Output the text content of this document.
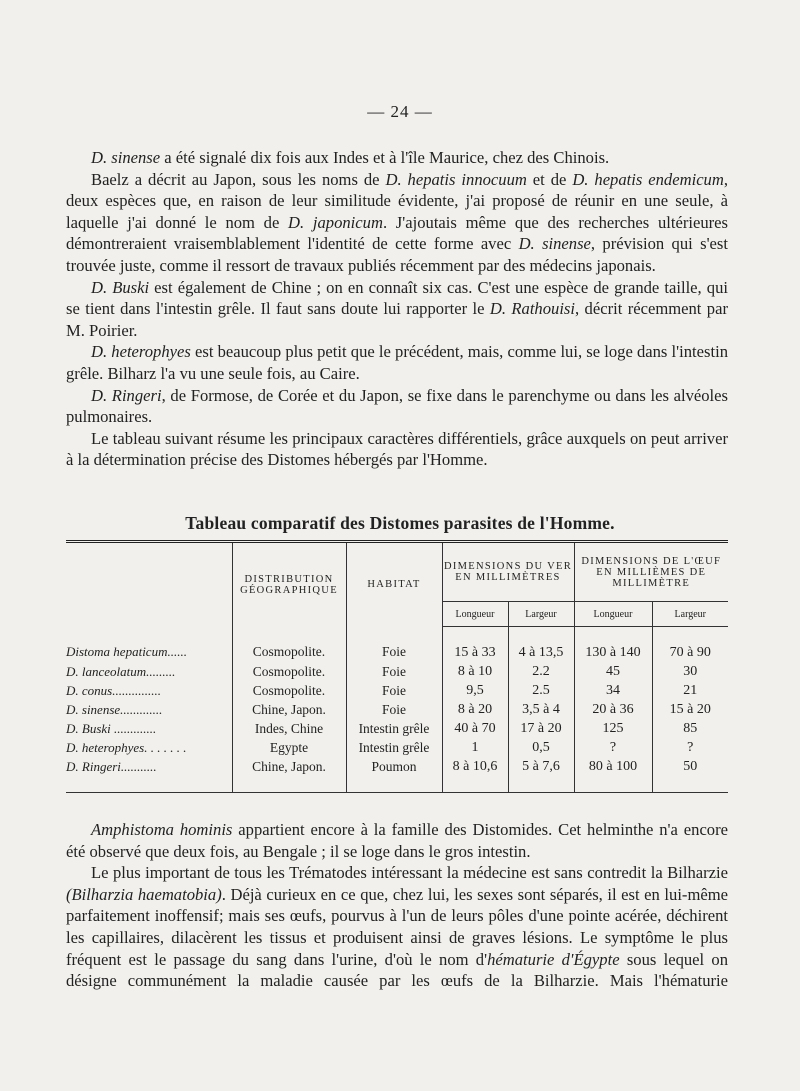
— 24 —

D. sinense a été signalé dix fois aux Indes et à l'île Maurice, chez des Chinois.

Baelz a décrit au Japon, sous les noms de D. hepatis innocuum et de D. hepatis endemicum, deux espèces que, en raison de leur similitude évidente, j'ai proposé de réunir en une seule, à laquelle j'ai donné le nom de D. japonicum. J'ajoutais même que des recherches ultérieures démontreraient vraisemblablement l'identité de cette forme avec D. sinense, prévision qui s'est trouvée juste, comme il ressort de travaux publiés récemment par des médecins japonais.

D. Buski est également de Chine ; on en connaît six cas. C'est une espèce de grande taille, qui se tient dans l'intestin grêle. Il faut sans doute lui rapporter le D. Rathouisi, décrit récemment par M. Poirier.

D. heterophyes est beaucoup plus petit que le précédent, mais, comme lui, se loge dans l'intestin grêle. Bilharz l'a vu une seule fois, au Caire.

D. Ringeri, de Formose, de Corée et du Japon, se fixe dans le parenchyme ou dans les alvéoles pulmonaires.

Le tableau suivant résume les principaux caractères différentiels, grâce auxquels on peut arriver à la détermination précise des Distomes hébergés par l'Homme.

Tableau comparatif des Distomes parasites de l'Homme.
	DISTRIBUTION GÉOGRAPHIQUE	HABITAT	DIMENSIONS DU VER EN MILLIMÈTRES		DIMENSIONS DE L'ŒUF EN MILLIÈMES DE MILLIMÈTRE	
			Longueur	Largeur	Longueur	Largeur
Distoma hepaticum......	Cosmopolite.	Foie	15 à 33	4 à 13,5	130 à 140	70 à 90
D. lanceolatum.........	Cosmopolite.	Foie	8 à 10	2.2	45	30
D. conus...............	Cosmopolite.	Foie	9,5	2.5	34	21
D. sinense.............	Chine, Japon.	Foie	8 à 20	3,5 à 4	20 à 36	15 à 20
D. Buski .............	Indes, Chine	Intestin grêle	40 à 70	17 à 20	125	85
D. heterophyes. . . . . . .	Egypte	Intestin grêle	1	0,5	?	?
D. Ringeri...........	Chine, Japon.	Poumon	8 à 10,6	5 à 7,6	80 à 100	50

Amphistoma hominis appartient encore à la famille des Distomides. Cet helminthe n'a encore été observé que deux fois, au Bengale ; il se loge dans le gros intestin.

Le plus important de tous les Trématodes intéressant la médecine est sans contredit la Bilharzie (Bilharzia haematobia). Déjà curieux en ce que, chez lui, les sexes sont séparés, il est en lui-même parfaitement inoffensif; mais ses œufs, pourvus à l'un de leurs pôles d'une pointe acérée, déchirent les capillaires, dilacèrent les tissus et produisent ainsi de graves lésions. Le symptôme le plus fréquent est le passage du sang dans l'urine, d'où le nom d'hématurie d'Égypte sous lequel on désigne communément la maladie causée par les œufs de la Bilharzie. Mais l'hématurie
